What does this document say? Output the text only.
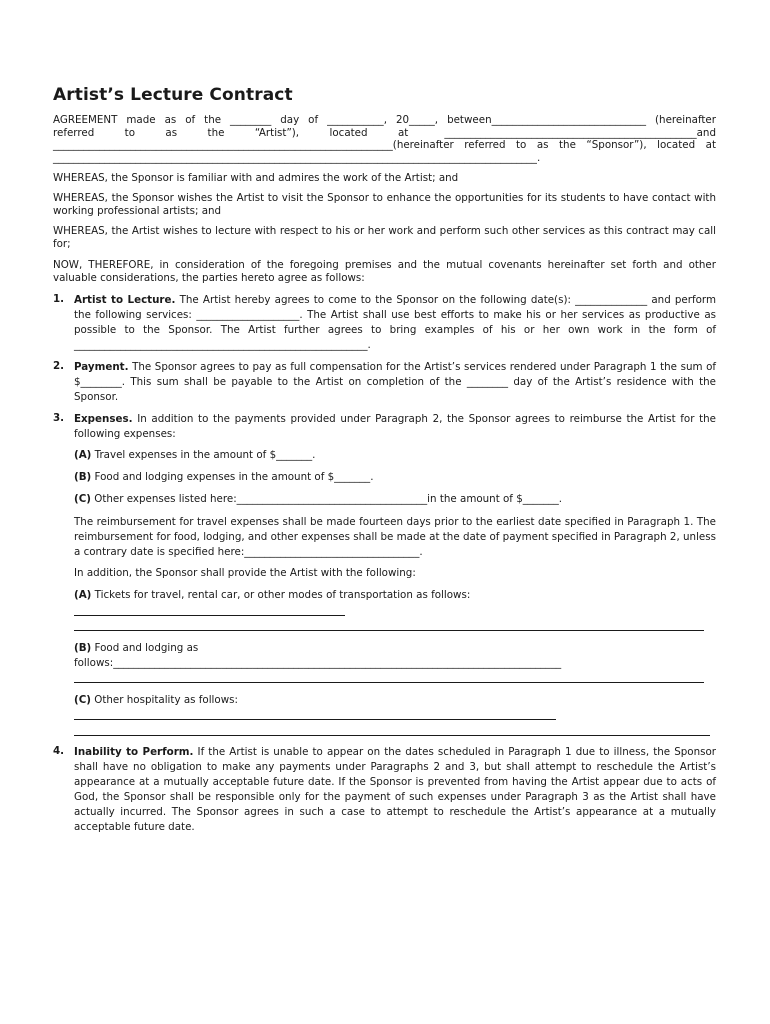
Artist’s Lecture Contract
AGREEMENT made as of the ________ day of ___________, 20_____, between______________________________ (hereinafter
referred to as the “Artist”), located at	_________________________________________________and
__________________________________________________________________(hereinafter referred to as the “Sponsor”), located at
______________________________________________________________________________________________.
WHEREAS, the Sponsor is familiar with and admires the work of the Artist; and
WHEREAS, the Sponsor wishes the Artist to visit the Sponsor to enhance the opportunities for its students to have contact with working professional artists; and
WHEREAS, the Artist wishes to lecture with respect to his or her work and perform such other services as this contract may call for;
NOW, THEREFORE, in consideration of the foregoing premises and the mutual covenants hereinafter set forth and other valuable considerations, the parties hereto agree as follows:
1. Artist to Lecture. The Artist hereby agrees to come to the Sponsor on the following date(s): ______________ and perform the following services: ____________________. The Artist shall use best efforts to make his or her services as productive as possible to the Sponsor. The Artist further agrees to bring examples of his or her own work in the form of _________________________________________________________.
2. Payment. The Sponsor agrees to pay as full compensation for the Artist’s services rendered under Paragraph 1 the sum of $________. This sum shall be payable to the Artist on completion of the ________ day of the Artist’s residence with the Sponsor.
3. Expenses. In addition to the payments provided under Paragraph 2, the Sponsor agrees to reimburse the Artist for the following expenses:
(A) Travel expenses in the amount of $_______.
(B) Food and lodging expenses in the amount of $_______.
(C) Other expenses listed here:_____________________________________in the amount of $_______.
The reimbursement for travel expenses shall be made fourteen days prior to the earliest date specified in Paragraph 1. The reimbursement for food, lodging, and other expenses shall be made at the date of payment specified in Paragraph 2, unless a contrary date is specified here:__________________________________.
In addition, the Sponsor shall provide the Artist with the following:
(A) Tickets for travel, rental car, or other modes of transportation as follows:
(B) Food and lodging as
follows:_______________________________________________________________________________________
(C) Other hospitality as follows:
4. Inability to Perform. If the Artist is unable to appear on the dates scheduled in Paragraph 1 due to illness, the Sponsor shall have no obligation to make any payments under Paragraphs 2 and 3, but shall attempt to reschedule the Artist’s appearance at a mutually acceptable future date. If the Sponsor is prevented from having the Artist appear due to acts of God, the Sponsor shall be responsible only for the payment of such expenses under Paragraph 3 as the Artist shall have actually incurred. The Sponsor agrees in such a case to attempt to reschedule the Artist’s appearance at a mutually acceptable future date.
